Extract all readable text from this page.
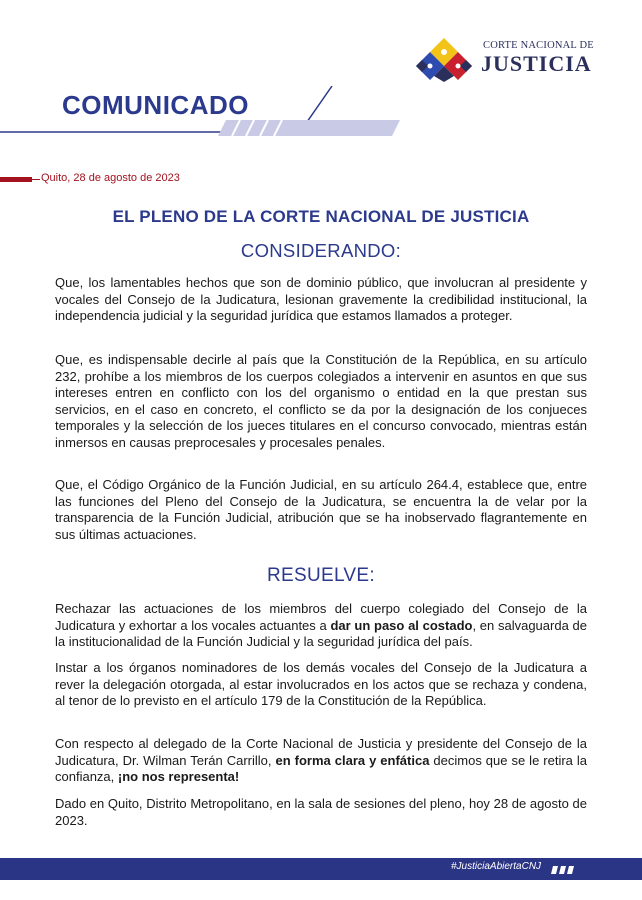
CORTE NACIONAL DE
JUSTICIA
COMUNICADO
Quito, 28 de agosto de 2023
EL PLENO DE LA CORTE NACIONAL DE JUSTICIA
CONSIDERANDO:
Que, los lamentables hechos que son de dominio público, que involucran al presidente y vocales del Consejo de la Judicatura, lesionan gravemente la credibilidad institucional, la independencia judicial y la seguridad jurídica que estamos llamados a proteger.
Que, es indispensable decirle al país que la Constitución de la República, en su artículo 232, prohíbe a los miembros de los cuerpos colegiados a intervenir en asuntos en que sus intereses entren en conflicto con los del organismo o entidad en la que prestan sus servicios, en el caso en concreto, el conflicto se da por la designación de los conjueces temporales y la selección de los jueces titulares en el concurso convocado, mientras están inmersos en causas preprocesales y procesales penales.
Que, el Código Orgánico de la Función Judicial, en su artículo 264.4, establece que, entre las funciones del Pleno del Consejo de la Judicatura, se encuentra la de velar por la transparencia de la Función Judicial, atribución que se ha inobservado flagrantemente en sus últimas actuaciones.
RESUELVE:
Rechazar las actuaciones de los miembros del cuerpo colegiado del Consejo de la Judicatura y exhortar a los vocales actuantes a dar un paso al costado, en salvaguarda de la institucionalidad de la Función Judicial y la seguridad jurídica del país.
Instar a los órganos nominadores de los demás vocales del Consejo de la Judicatura a rever la delegación otorgada, al estar involucrados en los actos que se rechaza y condena, al tenor de lo previsto en el artículo 179 de la Constitución de la República.
Con respecto al delegado de la Corte Nacional de Justicia y presidente del Consejo de la Judicatura, Dr. Wilman Terán Carrillo, en forma clara y enfática decimos que se le retira la confianza, ¡no nos representa!
Dado en Quito, Distrito Metropolitano, en la sala de sesiones del pleno, hoy 28 de agosto de 2023.
#JusticiaAbiertaCNJ
